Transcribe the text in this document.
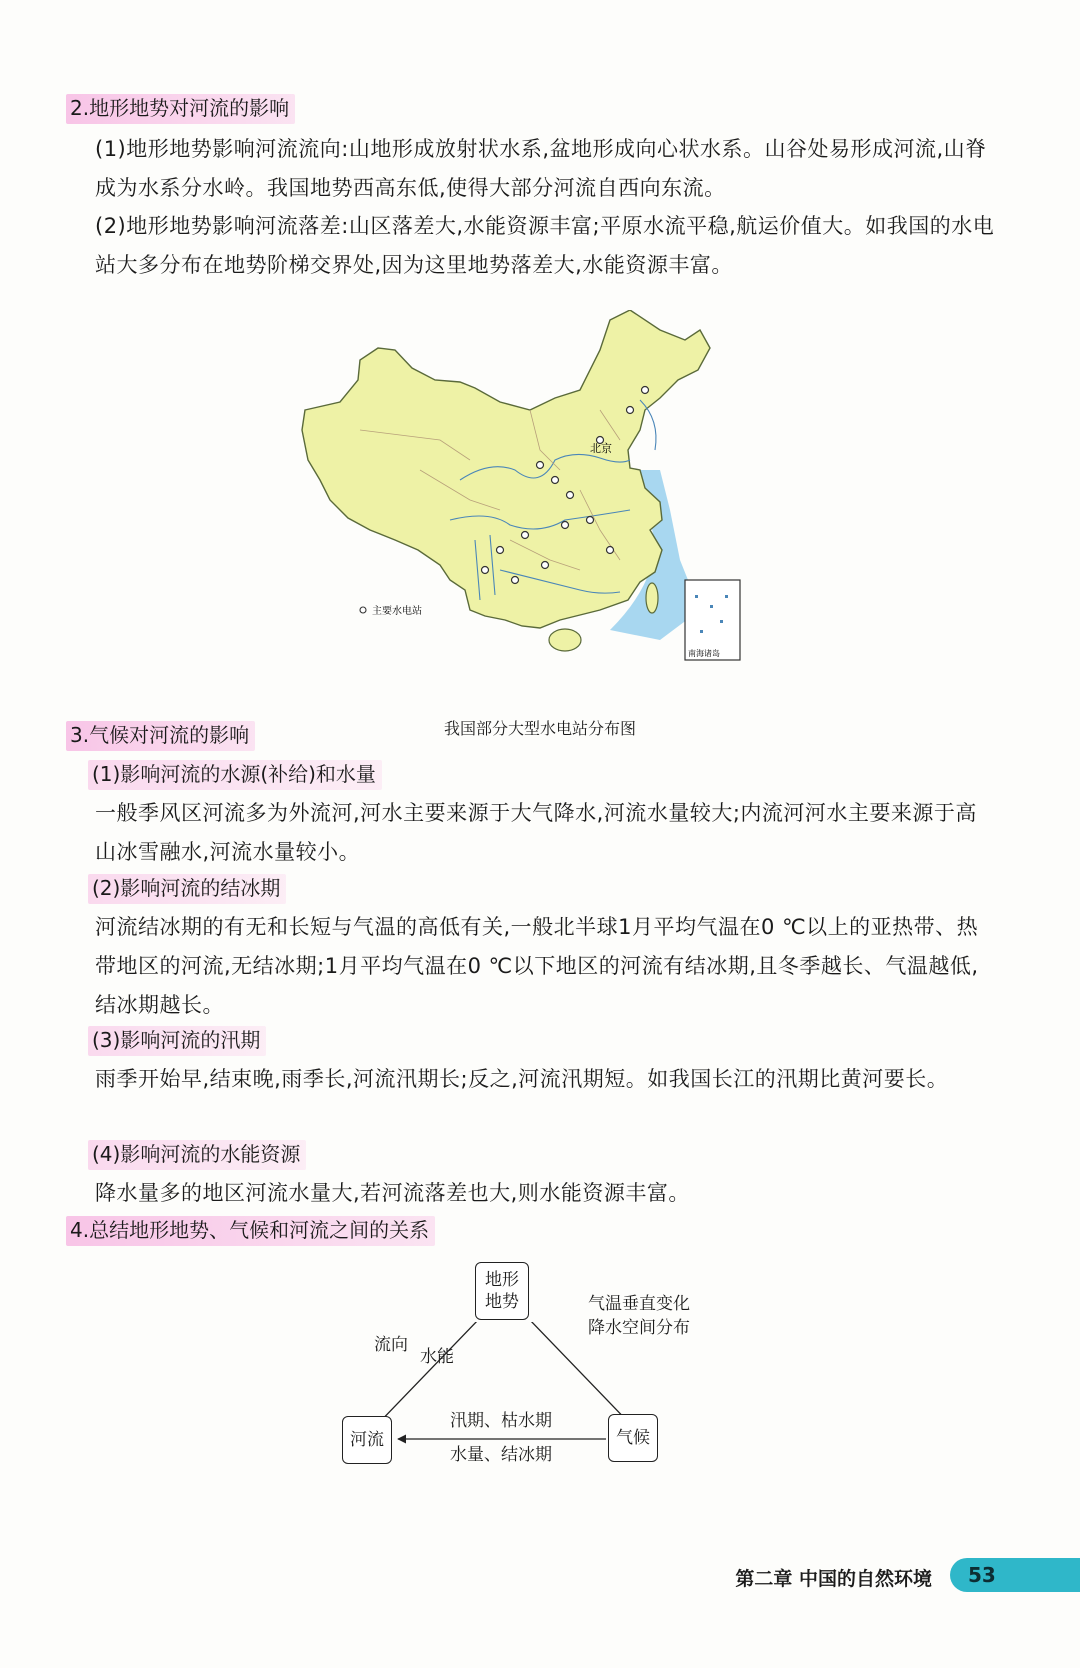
2.地形地势对河流的影响
(1)地形地势影响河流流向:山地形成放射状水系,盆地形成向心状水系。山谷处易形成河流,山脊成为水系分水岭。我国地势西高东低,使得大部分河流自西向东流。
(2)地形地势影响河流落差:山区落差大,水能资源丰富;平原水流平稳,航运价值大。如我国的水电站大多分布在地势阶梯交界处,因为这里地势落差大,水能资源丰富。
北京
主要水电站
南海诸岛
我国部分大型水电站分布图
3.气候对河流的影响
(1)影响河流的水源(补给)和水量
一般季风区河流多为外流河,河水主要来源于大气降水,河流水量较大;内流河河水主要来源于高山冰雪融水,河流水量较小。
(2)影响河流的结冰期
河流结冰期的有无和长短与气温的高低有关,一般北半球1月平均气温在0 ℃以上的亚热带、热带地区的河流,无结冰期;1月平均气温在0 ℃以下地区的河流有结冰期,且冬季越长、气温越低,结冰期越长。
(3)影响河流的汛期
雨季开始早,结束晚,雨季长,河流汛期长;反之,河流汛期短。如我国长江的汛期比黄河要长。
(4)影响河流的水能资源
降水量多的地区河流水量大,若河流落差也大,则水能资源丰富。
4.总结地形地势、气候和河流之间的关系
地形
地势
河流	气候
流向
水能
气温垂直变化
降水空间分布
汛期、枯水期
水量、结冰期
第二章 中国的自然环境 53
